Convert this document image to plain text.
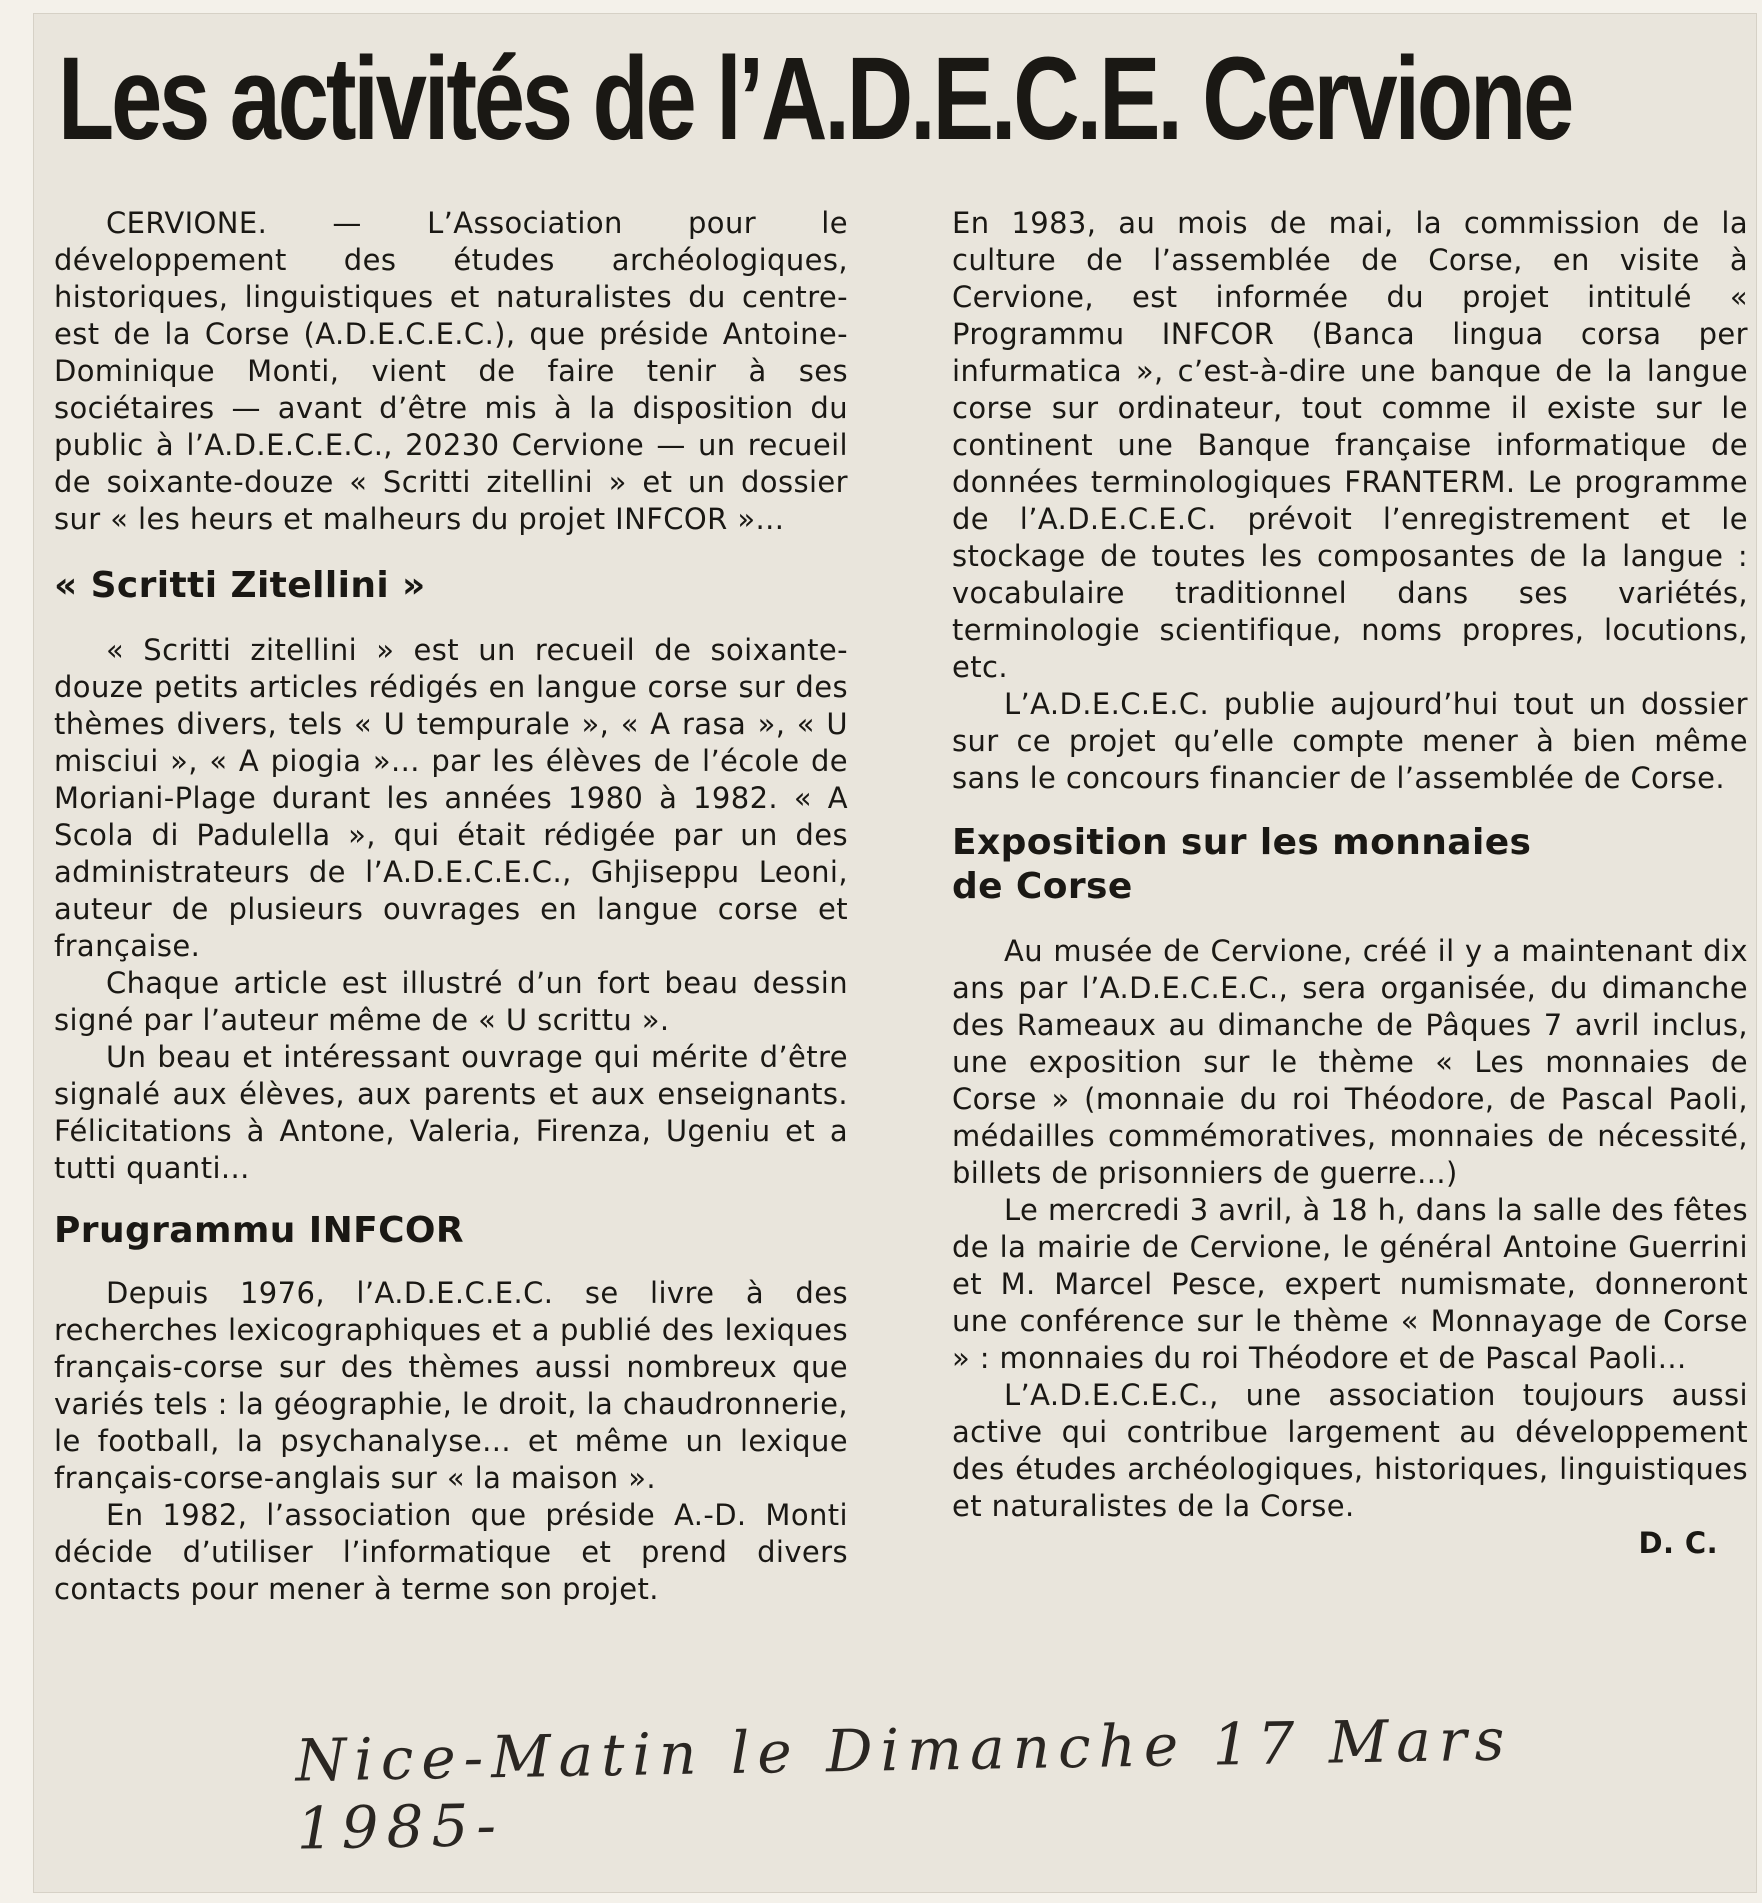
Les activités de l’A.D.E.C.E. Cervione

CERVIONE. — L’Association pour le développement des études archéologiques, historiques, linguistiques et naturalistes du centre-est de la Corse (A.D.E.C.E.C.), que préside Antoine-Dominique Monti, vient de faire tenir à ses sociétaires — avant d’être mis à la disposition du public à l’A.D.E.C.E.C., 20230 Cervione — un recueil de soixante-douze « Scritti zitellini » et un dossier sur « les heurs et malheurs du projet INFCOR »...

« Scritti Zitellini »

« Scritti zitellini » est un recueil de soixante-douze petits articles rédigés en langue corse sur des thèmes divers, tels « U tempurale », « A rasa », « U misciui », « A piogia »... par les élèves de l’école de Moriani-Plage durant les années 1980 à 1982. « A Scola di Padulella », qui était rédigée par un des administrateurs de l’A.D.E.C.E.C., Ghjiseppu Leoni, auteur de plusieurs ouvrages en langue corse et française.

Chaque article est illustré d’un fort beau dessin signé par l’auteur même de « U scrittu ».

Un beau et intéressant ouvrage qui mérite d’être signalé aux élèves, aux parents et aux enseignants. Félicitations à Antone, Valeria, Firenza, Ugeniu et a tutti quanti...

Prugrammu INFCOR

Depuis 1976, l’A.D.E.C.E.C. se livre à des recherches lexicographiques et a publié des lexiques français-corse sur des thèmes aussi nombreux que variés tels : la géographie, le droit, la chaudronnerie, le football, la psychanalyse... et même un lexique français-corse-anglais sur « la maison ».

En 1982, l’association que préside A.-D. Monti décide d’utiliser l’informatique et prend divers contacts pour mener à terme son projet.

En 1983, au mois de mai, la commission de la culture de l’assemblée de Corse, en visite à Cervione, est informée du projet intitulé « Programmu INFCOR (Banca lingua corsa per infurmatica », c’est-à-dire une banque de la langue corse sur ordinateur, tout comme il existe sur le continent une Banque française informatique de données terminologiques FRANTERM. Le programme de l’A.D.E.C.E.C. prévoit l’enregistrement et le stockage de toutes les composantes de la langue : vocabulaire traditionnel dans ses variétés, terminologie scientifique, noms propres, locutions, etc.

L’A.D.E.C.E.C. publie aujourd’hui tout un dossier sur ce projet qu’elle compte mener à bien même sans le concours financier de l’assemblée de Corse.

Exposition sur les monnaies de Corse

Au musée de Cervione, créé il y a maintenant dix ans par l’A.D.E.C.E.C., sera organisée, du dimanche des Rameaux au dimanche de Pâques 7 avril inclus, une exposition sur le thème « Les monnaies de Corse » (monnaie du roi Théodore, de Pascal Paoli, médailles commémoratives, monnaies de nécessité, billets de prisonniers de guerre...)

Le mercredi 3 avril, à 18 h, dans la salle des fêtes de la mairie de Cervione, le général Antoine Guerrini et M. Marcel Pesce, expert numismate, donneront une conférence sur le thème « Monnayage de Corse » : monnaies du roi Théodore et de Pascal Paoli...

L’A.D.E.C.E.C., une association toujours aussi active qui contribue largement au développement des études archéologiques, historiques, linguistiques et naturalistes de la Corse.

D. C.
Nice-Matin le Dimanche 17 Mars 1985-
